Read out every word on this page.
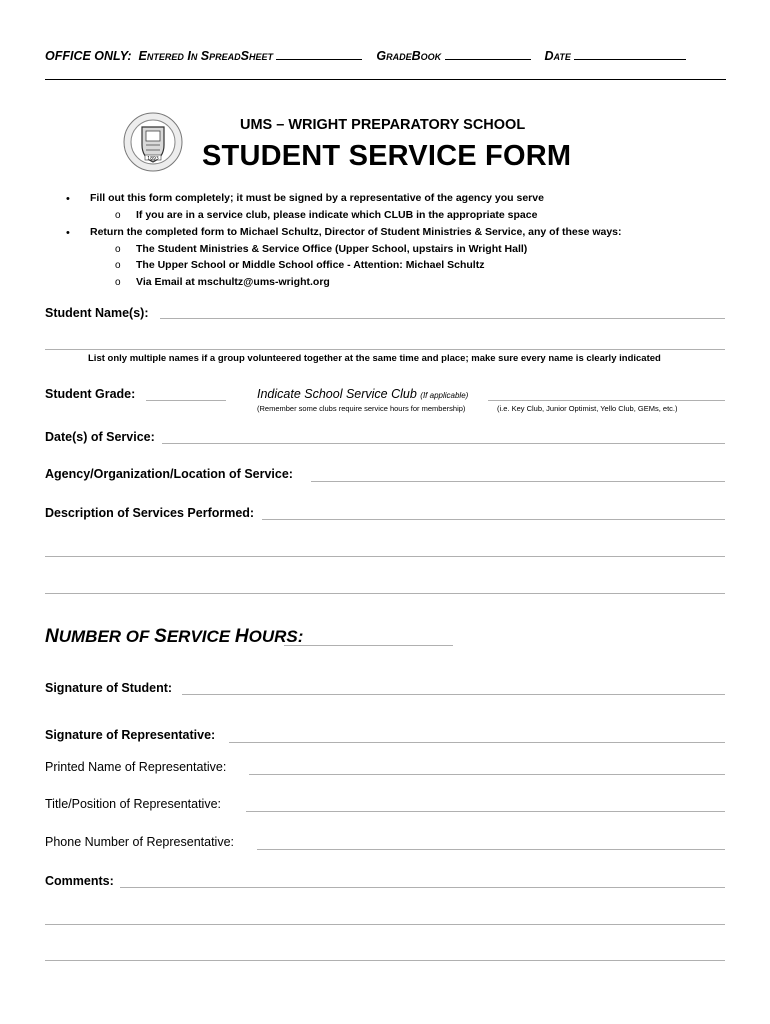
OFFICE ONLY: Entered In SpreadSheet	GradeBook	Date
1893
UMS – WRIGHT PREPARATORY SCHOOL
STUDENT SERVICE FORM
• Fill out this form completely; it must be signed by a representative of the agency you serve
o If you are in a service club, please indicate which CLUB in the appropriate space
• Return the completed form to Michael Schultz, Director of Student Ministries & Service, any of these ways:
o The Student Ministries & Service Office (Upper School, upstairs in Wright Hall)
o The Upper School or Middle School office - Attention: Michael Schultz
o Via Email at mschultz@ums-wright.org
Student Name(s):
List only multiple names if a group volunteered together at the same time and place; make sure every name is clearly indicated
Student Grade:	Indicate School Service Club (If applicable)
(Remember some clubs require service hours for membership)	(i.e. Key Club, Junior Optimist, Yello Club, GEMs, etc.)
Date(s) of Service:
Agency/Organization/Location of Service:
Description of Services Performed:
NUMBER OF SERVICE HOURS:
Signature of Student:
Signature of Representative:
Printed Name of Representative:
Title/Position of Representative:
Phone Number of Representative:
Comments:
